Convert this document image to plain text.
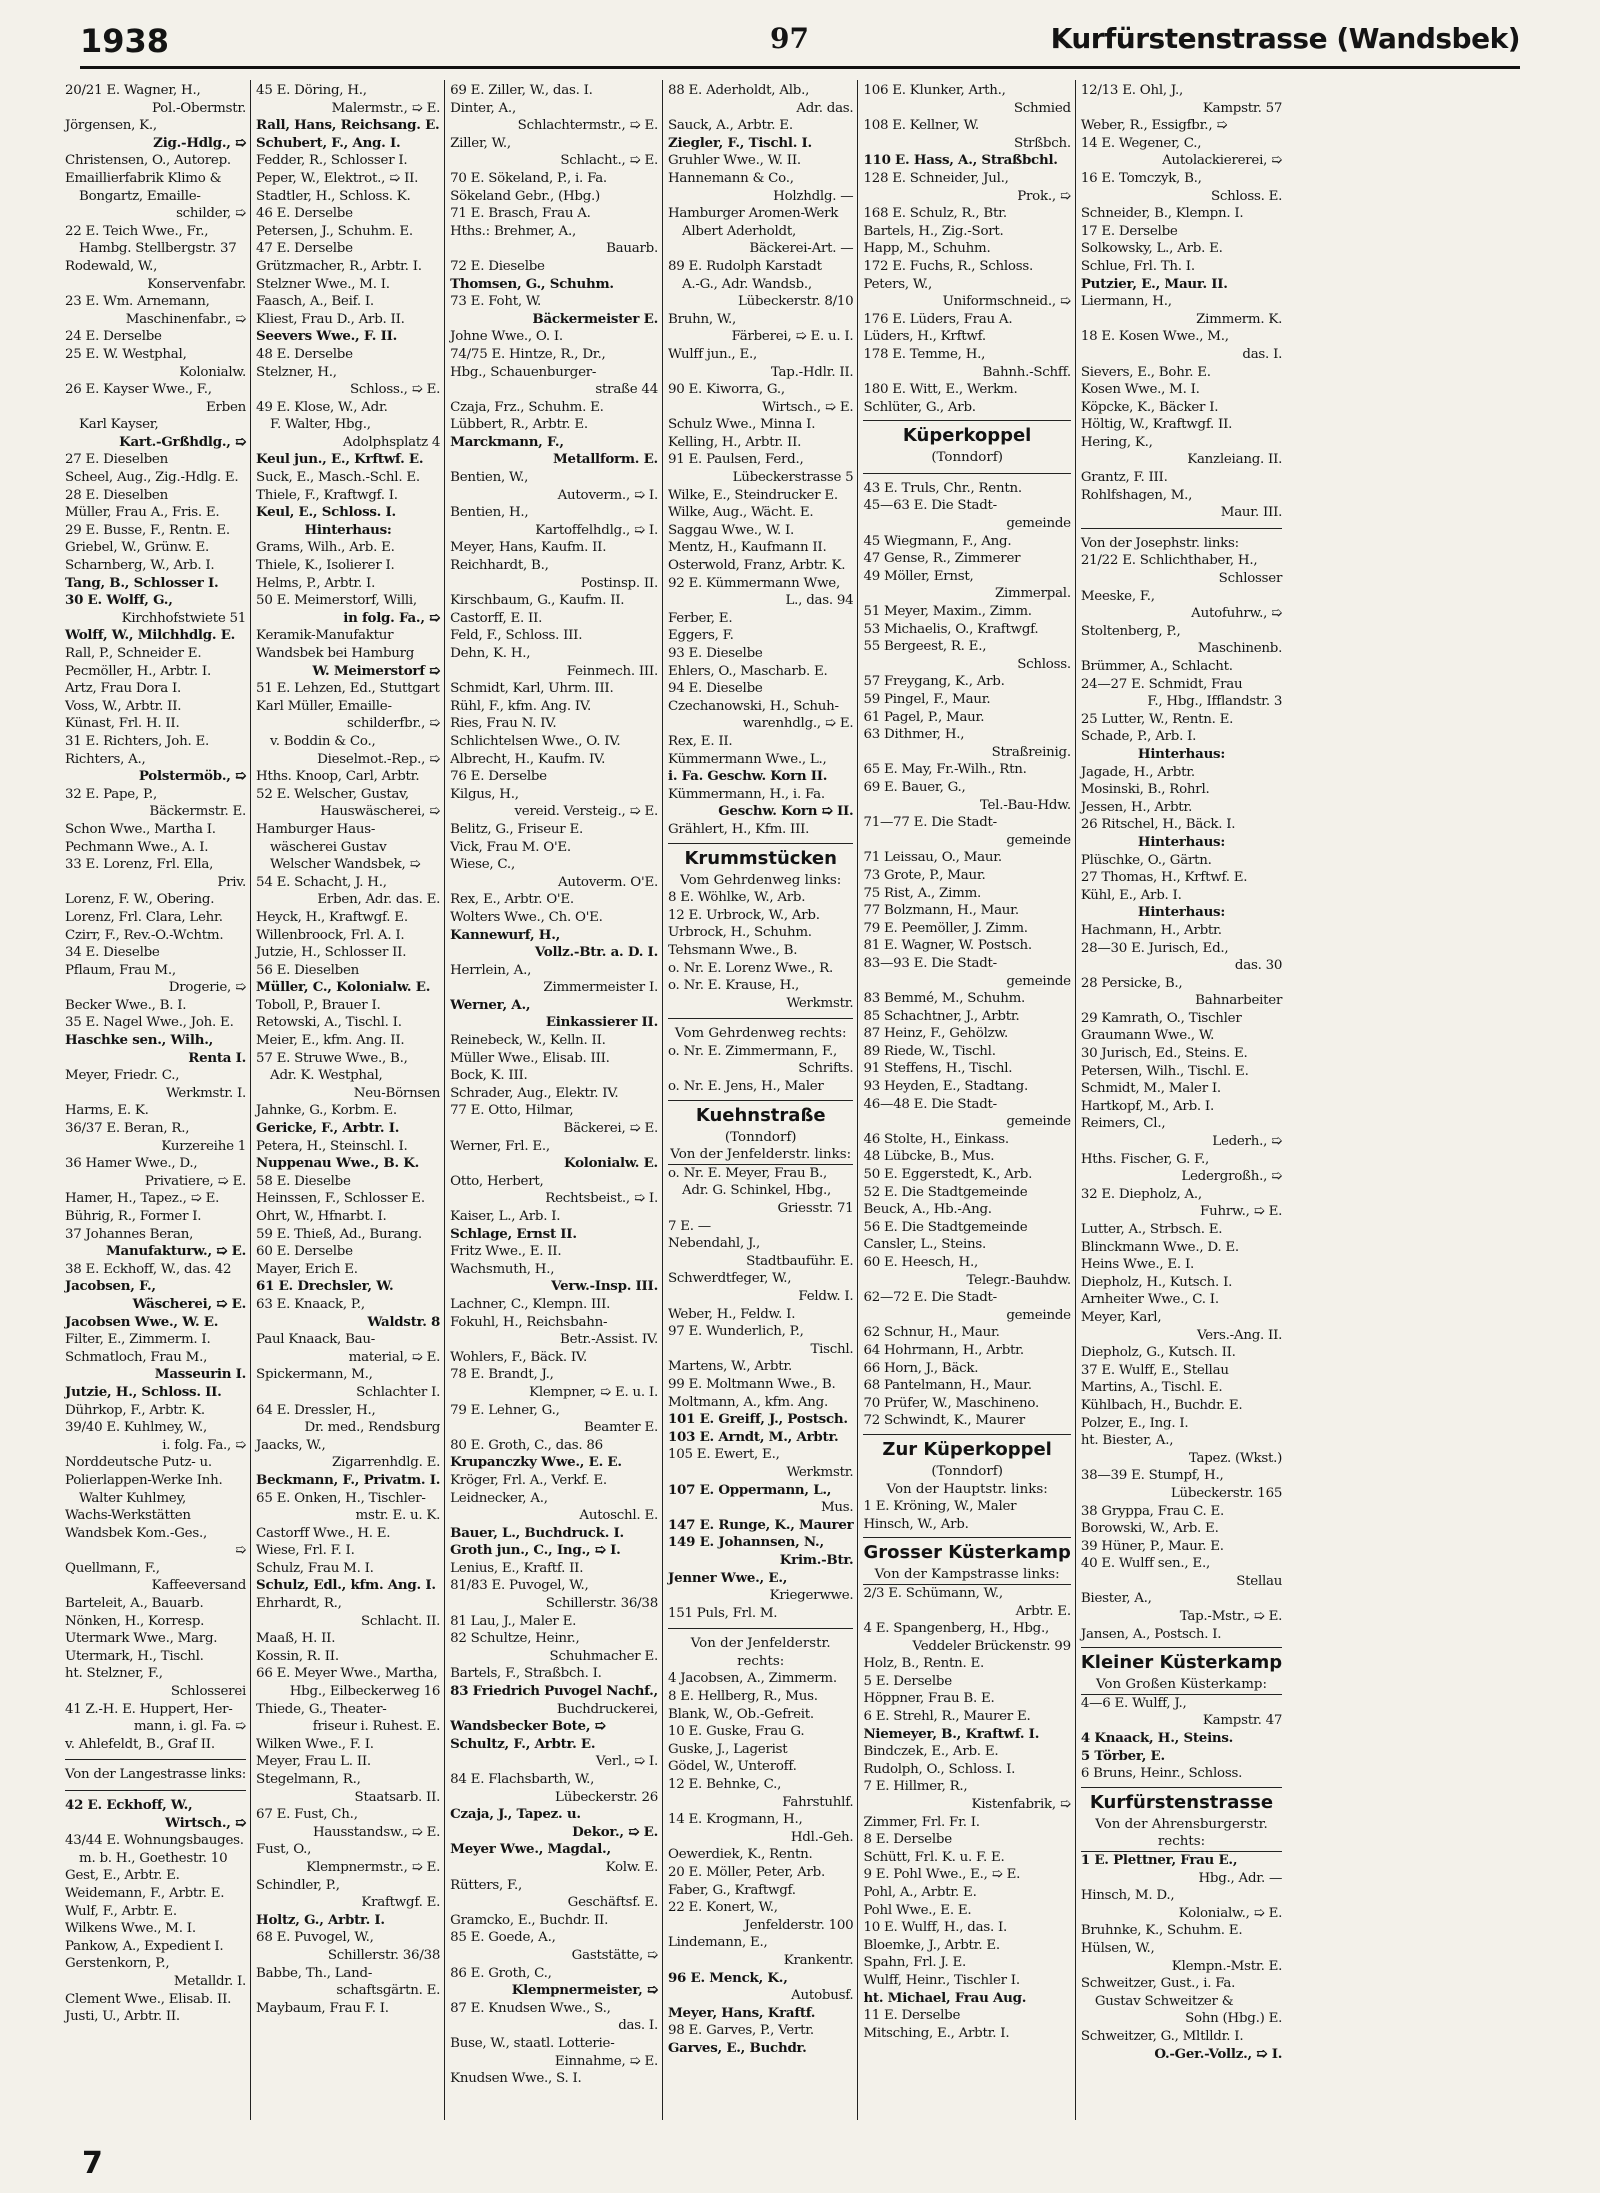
1938	97	Kurfürstenstrasse (Wandsbek)
20/21 E. Wagner, H.,
Pol.-Obermstr.
Jörgensen, K.,
Zig.-Hdlg., ➯
Christensen, O., Autorep.
Emaillierfabrik Klimo &
Bongartz, Emaille-
schilder, ➯
22 E. Teich Wwe., Fr.,
Hambg. Stellbergstr. 37
Rodewald, W.,
Konservenfabr.
23 E. Wm. Arnemann,
Maschinenfabr., ➯
24 E. Derselbe
25 E. W. Westphal,
Kolonialw.
26 E. Kayser Wwe., F.,
Erben
Karl Kayser,
Kart.-Grßhdlg., ➯
27 E. Dieselben
Scheel, Aug., Zig.-Hdlg. E.
28 E. Dieselben
Müller, Frau A., Fris. E.
29 E. Busse, F., Rentn. E.
Griebel, W., Grünw. E.
Scharnberg, W., Arb. I.
Tang, B., Schlosser I.
30 E. Wolff, G.,
Kirchhofstwiete 51
Wolff, W., Milchhdlg. E.
Rall, P., Schneider E.
Pecmöller, H., Arbtr. I.
Artz, Frau Dora I.
Voss, W., Arbtr. II.
Künast, Frl. H. II.
31 E. Richters, Joh. E.
Richters, A.,
Polstermöb., ➯
32 E. Pape, P.,
Bäckermstr. E.
Schon Wwe., Martha I.
Pechmann Wwe., A. I.
33 E. Lorenz, Frl. Ella,
Priv.
Lorenz, F. W., Obering.
Lorenz, Frl. Clara, Lehr.
Czirr, F., Rev.-O.-Wchtm.
34 E. Dieselbe
Pflaum, Frau M.,
Drogerie, ➯
Becker Wwe., B. I.
35 E. Nagel Wwe., Joh. E.
Haschke sen., Wilh.,
Renta I.
Meyer, Friedr. C.,
Werkmstr. I.
Harms, E. K.
36/37 E. Beran, R.,
Kurzereihe 1
36 Hamer Wwe., D.,
Privatiere, ➯ E.
Hamer, H., Tapez., ➯ E.
Bührig, R., Former I.
37 Johannes Beran,
Manufakturw., ➯ E.
38 E. Eckhoff, W., das. 42
Jacobsen, F.,
Wäscherei, ➯ E.
Jacobsen Wwe., W. E.
Filter, E., Zimmerm. I.
Schmatloch, Frau M.,
Masseurin I.
Jutzie, H., Schloss. II.
Dührkop, F., Arbtr. K.
39/40 E. Kuhlmey, W.,
i. folg. Fa., ➯
Norddeutsche Putz- u.
Polierlappen-Werke Inh.
Walter Kuhlmey,
Wachs-Werkstätten
Wandsbek Kom.-Ges.,
➯
Quellmann, F.,
Kaffeeversand
Barteleit, A., Bauarb.
Nönken, H., Korresp.
Utermark Wwe., Marg.
Utermark, H., Tischl.
ht. Stelzner, F.,
Schlosserei
41 Z.-H. E. Huppert, Her-
mann, i. gl. Fa. ➯
v. Ahlefeldt, B., Graf II.
Von der Langestrasse links:
42 E. Eckhoff, W.,
Wirtsch., ➯
43/44 E. Wohnungsbauges.
m. b. H., Goethestr. 10
Gest, E., Arbtr. E.
Weidemann, F., Arbtr. E.
Wulf, F., Arbtr. E.
Wilkens Wwe., M. I.
Pankow, A., Expedient I.
Gerstenkorn, P.,
Metalldr. I.
Clement Wwe., Elisab. II.
Justi, U., Arbtr. II.
45 E. Döring, H.,
Malermstr., ➯ E.
Rall, Hans, Reichsang. E.
Schubert, F., Ang. I.
Fedder, R., Schlosser I.
Peper, W., Elektrot., ➯ II.
Stadtler, H., Schloss. K.
46 E. Derselbe
Petersen, J., Schuhm. E.
47 E. Derselbe
Grützmacher, R., Arbtr. I.
Stelzner Wwe., M. I.
Faasch, A., Beif. I.
Kliest, Frau D., Arb. II.
Seevers Wwe., F. II.
48 E. Derselbe
Stelzner, H.,
Schloss., ➯ E.
49 E. Klose, W., Adr.
F. Walter, Hbg.,
Adolphsplatz 4
Keul jun., E., Krftwf. E.
Suck, E., Masch.-Schl. E.
Thiele, F., Kraftwgf. I.
Keul, E., Schloss. I.
Hinterhaus:
Grams, Wilh., Arb. E.
Thiele, K., Isolierer I.
Helms, P., Arbtr. I.
50 E. Meimerstorf, Willi,
in folg. Fa., ➯
Keramik-Manufaktur
Wandsbek bei Hamburg
W. Meimerstorf ➯
51 E. Lehzen, Ed., Stuttgart
Karl Müller, Emaille-
schilderfbr., ➯
v. Boddin & Co.,
Dieselmot.-Rep., ➯
Hths. Knoop, Carl, Arbtr.
52 E. Welscher, Gustav,
Hauswäscherei, ➯
Hamburger Haus-
wäscherei Gustav
Welscher Wandsbek, ➯
54 E. Schacht, J. H.,
Erben, Adr. das. E.
Heyck, H., Kraftwgf. E.
Willenbroock, Frl. A. I.
Jutzie, H., Schlosser II.
56 E. Dieselben
Müller, C., Kolonialw. E.
Toboll, P., Brauer I.
Retowski, A., Tischl. I.
Meier, E., kfm. Ang. II.
57 E. Struwe Wwe., B.,
Adr. K. Westphal,
Neu-Börnsen
Jahnke, G., Korbm. E.
Gericke, F., Arbtr. I.
Petera, H., Steinschl. I.
Nuppenau Wwe., B. K.
58 E. Dieselbe
Heinssen, F., Schlosser E.
Ohrt, W., Hfnarbt. I.
59 E. Thieß, Ad., Burang.
60 E. Derselbe
Mayer, Erich E.
61 E. Drechsler, W.
63 E. Knaack, P.,
Waldstr. 8
Paul Knaack, Bau-
material, ➯ E.
Spickermann, M.,
Schlachter I.
64 E. Dressler, H.,
Dr. med., Rendsburg
Jaacks, W.,
Zigarrenhdlg. E.
Beckmann, F., Privatm. I.
65 E. Onken, H., Tischler-
mstr. E. u. K.
Castorff Wwe., H. E.
Wiese, Frl. F. I.
Schulz, Frau M. I.
Schulz, Edl., kfm. Ang. I.
Ehrhardt, R.,
Schlacht. II.
Maaß, H. II.
Kossin, R. II.
66 E. Meyer Wwe., Martha,
Hbg., Eilbeckerweg 16
Thiede, G., Theater-
friseur i. Ruhest. E.
Wilken Wwe., F. I.
Meyer, Frau L. II.
Stegelmann, R.,
Staatsarb. II.
67 E. Fust, Ch.,
Hausstandsw., ➯ E.
Fust, O.,
Klempnermstr., ➯ E.
Schindler, P.,
Kraftwgf. E.
Holtz, G., Arbtr. I.
68 E. Puvogel, W.,
Schillerstr. 36/38
Babbe, Th., Land-
schaftsgärtn. E.
Maybaum, Frau F. I.
69 E. Ziller, W., das. I.
Dinter, A.,
Schlachtermstr., ➯ E.
Ziller, W.,
Schlacht., ➯ E.
70 E. Sökeland, P., i. Fa.
Sökeland Gebr., (Hbg.)
71 E. Brasch, Frau A.
Hths.: Brehmer, A.,
Bauarb.
72 E. Dieselbe
Thomsen, G., Schuhm.
73 E. Foht, W.
Bäckermeister E.
Johne Wwe., O. I.
74/75 E. Hintze, R., Dr.,
Hbg., Schauenburger-
straße 44
Czaja, Frz., Schuhm. E.
Lübbert, R., Arbtr. E.
Marckmann, F.,
Metallform. E.
Bentien, W.,
Autoverm., ➯ I.
Bentien, H.,
Kartoffelhdlg., ➯ I.
Meyer, Hans, Kaufm. II.
Reichhardt, B.,
Postinsp. II.
Kirschbaum, G., Kaufm. II.
Castorff, E. II.
Feld, F., Schloss. III.
Dehn, K. H.,
Feinmech. III.
Schmidt, Karl, Uhrm. III.
Rühl, F., kfm. Ang. IV.
Ries, Frau N. IV.
Schlichtelsen Wwe., O. IV.
Albrecht, H., Kaufm. IV.
76 E. Derselbe
Kilgus, H.,
vereid. Versteig., ➯ E.
Belitz, G., Friseur E.
Vick, Frau M. O'E.
Wiese, C.,
Autoverm. O'E.
Rex, E., Arbtr. O'E.
Wolters Wwe., Ch. O'E.
Kannewurf, H.,
Vollz.-Btr. a. D. I.
Herrlein, A.,
Zimmermeister I.
Werner, A.,
Einkassierer II.
Reinebeck, W., Kelln. II.
Müller Wwe., Elisab. III.
Bock, K. III.
Schrader, Aug., Elektr. IV.
77 E. Otto, Hilmar,
Bäckerei, ➯ E.
Werner, Frl. E.,
Kolonialw. E.
Otto, Herbert,
Rechtsbeist., ➯ I.
Kaiser, L., Arb. I.
Schlage, Ernst II.
Fritz Wwe., E. II.
Wachsmuth, H.,
Verw.-Insp. III.
Lachner, C., Klempn. III.
Fokuhl, H., Reichsbahn-
Betr.-Assist. IV.
Wohlers, F., Bäck. IV.
78 E. Brandt, J.,
Klempner, ➯ E. u. I.
79 E. Lehner, G.,
Beamter E.
80 E. Groth, C., das. 86
Krupanczky Wwe., E. E.
Kröger, Frl. A., Verkf. E.
Leidnecker, A.,
Autoschl. E.
Bauer, L., Buchdruck. I.
Groth jun., C., Ing., ➯ I.
Lenius, E., Kraftf. II.
81/83 E. Puvogel, W.,
Schillerstr. 36/38
81 Lau, J., Maler E.
82 Schultze, Heinr.,
Schuhmacher E.
Bartels, F., Straßbch. I.
83 Friedrich Puvogel Nachf.,
Buchdruckerei,
Wandsbecker Bote, ➯
Schultz, F., Arbtr. E.
Verl., ➯ I.
84 E. Flachsbarth, W.,
Lübeckerstr. 26
Czaja, J., Tapez. u.
Dekor., ➯ E.
Meyer Wwe., Magdal.,
Kolw. E.
Rütters, F.,
Geschäftsf. E.
Gramcko, E., Buchdr. II.
85 E. Goede, A.,
Gaststätte, ➯
86 E. Groth, C.,
Klempnermeister, ➯
87 E. Knudsen Wwe., S.,
das. I.
Buse, W., staatl. Lotterie-
Einnahme, ➯ E.
Knudsen Wwe., S. I.
88 E. Aderholdt, Alb.,
Adr. das.
Sauck, A., Arbtr. E.
Ziegler, F., Tischl. I.
Gruhler Wwe., W. II.
Hannemann & Co.,
Holzhdlg. —
Hamburger Aromen-Werk
Albert Aderholdt,
Bäckerei-Art. —
89 E. Rudolph Karstadt
A.-G., Adr. Wandsb.,
Lübeckerstr. 8/10
Bruhn, W.,
Färberei, ➯ E. u. I.
Wulff jun., E.,
Tap.-Hdlr. II.
90 E. Kiworra, G.,
Wirtsch., ➯ E.
Schulz Wwe., Minna I.
Kelling, H., Arbtr. II.
91 E. Paulsen, Ferd.,
Lübeckerstrasse 5
Wilke, E., Steindrucker E.
Wilke, Aug., Wächt. E.
Saggau Wwe., W. I.
Mentz, H., Kaufmann II.
Osterwold, Franz, Arbtr. K.
92 E. Kümmermann Wwe,
L., das. 94
Ferber, E.
Eggers, F.
93 E. Dieselbe
Ehlers, O., Mascharb. E.
94 E. Dieselbe
Czechanowski, H., Schuh-
warenhdlg., ➯ E.
Rex, E. II.
Kümmermann Wwe., L.,
i. Fa. Geschw. Korn II.
Kümmermann, H., i. Fa.
Geschw. Korn ➯ II.
Grählert, H., Kfm. III.
Krummstücken
Vom Gehrdenweg links:
8 E. Wöhlke, W., Arb.
12 E. Urbrock, W., Arb.
Urbrock, H., Schuhm.
Tehsmann Wwe., B.
o. Nr. E. Lorenz Wwe., R.
o. Nr. E. Krause, H.,
Werkmstr.
Vom Gehrdenweg rechts:
o. Nr. E. Zimmermann, F.,
Schrifts.
o. Nr. E. Jens, H., Maler
Kuehnstraße
(Tonndorf)
Von der Jenfelderstr. links:
o. Nr. E. Meyer, Frau B.,
Adr. G. Schinkel, Hbg.,
Griesstr. 71
7 E. —
Nebendahl, J.,
Stadtbauführ. E.
Schwerdtfeger, W.,
Feldw. I.
Weber, H., Feldw. I.
97 E. Wunderlich, P.,
Tischl.
Martens, W., Arbtr.
99 E. Moltmann Wwe., B.
Moltmann, A., kfm. Ang.
101 E. Greiff, J., Postsch.
103 E. Arndt, M., Arbtr.
105 E. Ewert, E.,
Werkmstr.
107 E. Oppermann, L.,
Mus.
147 E. Runge, K., Maurer
149 E. Johannsen, N.,
Krim.-Btr.
Jenner Wwe., E.,
Kriegerwwe.
151 Puls, Frl. M.
Von der Jenfelderstr.
rechts:
4 Jacobsen, A., Zimmerm.
8 E. Hellberg, R., Mus.
Blank, W., Ob.-Gefreit.
10 E. Guske, Frau G.
Guske, J., Lagerist
Gödel, W., Unteroff.
12 E. Behnke, C.,
Fahrstuhlf.
14 E. Krogmann, H.,
Hdl.-Geh.
Oewerdiek, K., Rentn.
20 E. Möller, Peter, Arb.
Faber, G., Kraftwgf.
22 E. Konert, W.,
Jenfelderstr. 100
Lindemann, E.,
Krankentr.
96 E. Menck, K.,
Autobusf.
Meyer, Hans, Kraftf.
98 E. Garves, P., Vertr.
Garves, E., Buchdr.
106 E. Klunker, Arth.,
Schmied
108 E. Kellner, W.
Strßbch.
110 E. Hass, A., Straßbchl.
128 E. Schneider, Jul.,
Prok., ➯
168 E. Schulz, R., Btr.
Bartels, H., Zig.-Sort.
Happ, M., Schuhm.
172 E. Fuchs, R., Schloss.
Peters, W.,
Uniformschneid., ➯
176 E. Lüders, Frau A.
Lüders, H., Krftwf.
178 E. Temme, H.,
Bahnh.-Schff.
180 E. Witt, E., Werkm.
Schlüter, G., Arb.
Küperkoppel
(Tonndorf)
43 E. Truls, Chr., Rentn.
45—63 E. Die Stadt-
gemeinde
45 Wiegmann, F., Ang.
47 Gense, R., Zimmerer
49 Möller, Ernst,
Zimmerpal.
51 Meyer, Maxim., Zimm.
53 Michaelis, O., Kraftwgf.
55 Bergeest, R. E.,
Schloss.
57 Freygang, K., Arb.
59 Pingel, F., Maur.
61 Pagel, P., Maur.
63 Dithmer, H.,
Straßreinig.
65 E. May, Fr.-Wilh., Rtn.
69 E. Bauer, G.,
Tel.-Bau-Hdw.
71—77 E. Die Stadt-
gemeinde
71 Leissau, O., Maur.
73 Grote, P., Maur.
75 Rist, A., Zimm.
77 Bolzmann, H., Maur.
79 E. Peemöller, J. Zimm.
81 E. Wagner, W. Postsch.
83—93 E. Die Stadt-
gemeinde
83 Bemmé, M., Schuhm.
85 Schachtner, J., Arbtr.
87 Heinz, F., Gehölzw.
89 Riede, W., Tischl.
91 Steffens, H., Tischl.
93 Heyden, E., Stadtang.
46—48 E. Die Stadt-
gemeinde
46 Stolte, H., Einkass.
48 Lübcke, B., Mus.
50 E. Eggerstedt, K., Arb.
52 E. Die Stadtgemeinde
Beuck, A., Hb.-Ang.
56 E. Die Stadtgemeinde
Cansler, L., Steins.
60 E. Heesch, H.,
Telegr.-Bauhdw.
62—72 E. Die Stadt-
gemeinde
62 Schnur, H., Maur.
64 Hohrmann, H., Arbtr.
66 Horn, J., Bäck.
68 Pantelmann, H., Maur.
70 Prüfer, W., Maschineno.
72 Schwindt, K., Maurer
Zur Küperkoppel
(Tonndorf)
Von der Hauptstr. links:
1 E. Kröning, W., Maler
Hinsch, W., Arb.
Grosser Küsterkamp
Von der Kampstrasse links:
2/3 E. Schümann, W.,
Arbtr. E.
4 E. Spangenberg, H., Hbg.,
Veddeler Brückenstr. 99
Holz, B., Rentn. E.
5 E. Derselbe
Höppner, Frau B. E.
6 E. Strehl, R., Maurer E.
Niemeyer, B., Kraftwf. I.
Bindczek, E., Arb. E.
Rudolph, O., Schloss. I.
7 E. Hillmer, R.,
Kistenfabrik, ➯
Zimmer, Frl. Fr. I.
8 E. Derselbe
Schütt, Frl. K. u. F. E.
9 E. Pohl Wwe., E., ➯ E.
Pohl, A., Arbtr. E.
Pohl Wwe., E. E.
10 E. Wulff, H., das. I.
Bloemke, J., Arbtr. E.
Spahn, Frl. J. E.
Wulff, Heinr., Tischler I.
ht. Michael, Frau Aug.
11 E. Derselbe
Mitsching, E., Arbtr. I.
12/13 E. Ohl, J.,
Kampstr. 57
Weber, R., Essigfbr., ➯
14 E. Wegener, C.,
Autolackiererei, ➯
16 E. Tomczyk, B.,
Schloss. E.
Schneider, B., Klempn. I.
17 E. Derselbe
Solkowsky, L., Arb. E.
Schlue, Frl. Th. I.
Putzier, E., Maur. II.
Liermann, H.,
Zimmerm. K.
18 E. Kosen Wwe., M.,
das. I.
Sievers, E., Bohr. E.
Kosen Wwe., M. I.
Köpcke, K., Bäcker I.
Höltig, W., Kraftwgf. II.
Hering, K.,
Kanzleiang. II.
Grantz, F. III.
Rohlfshagen, M.,
Maur. III.
Von der Josephstr. links:
21/22 E. Schlichthaber, H.,
Schlosser
Meeske, F.,
Autofuhrw., ➯
Stoltenberg, P.,
Maschinenb.
Brümmer, A., Schlacht.
24—27 E. Schmidt, Frau
F., Hbg., Ifflandstr. 3
25 Lutter, W., Rentn. E.
Schade, P., Arb. I.
Hinterhaus:
Jagade, H., Arbtr.
Mosinski, B., Rohrl.
Jessen, H., Arbtr.
26 Ritschel, H., Bäck. I.
Hinterhaus:
Plüschke, O., Gärtn.
27 Thomas, H., Krftwf. E.
Kühl, E., Arb. I.
Hinterhaus:
Hachmann, H., Arbtr.
28—30 E. Jurisch, Ed.,
das. 30
28 Persicke, B.,
Bahnarbeiter
29 Kamrath, O., Tischler
Graumann Wwe., W.
30 Jurisch, Ed., Steins. E.
Petersen, Wilh., Tischl. E.
Schmidt, M., Maler I.
Hartkopf, M., Arb. I.
Reimers, Cl.,
Lederh., ➯
Hths. Fischer, G. F.,
Ledergroßh., ➯
32 E. Diepholz, A.,
Fuhrw., ➯ E.
Lutter, A., Strbsch. E.
Blinckmann Wwe., D. E.
Heins Wwe., E. I.
Diepholz, H., Kutsch. I.
Arnheiter Wwe., C. I.
Meyer, Karl,
Vers.-Ang. II.
Diepholz, G., Kutsch. II.
37 E. Wulff, E., Stellau
Martins, A., Tischl. E.
Kühlbach, H., Buchdr. E.
Polzer, E., Ing. I.
ht. Biester, A.,
Tapez. (Wkst.)
38—39 E. Stumpf, H.,
Lübeckerstr. 165
38 Gryppa, Frau C. E.
Borowski, W., Arb. E.
39 Hüner, P., Maur. E.
40 E. Wulff sen., E.,
Stellau
Biester, A.,
Tap.-Mstr., ➯ E.
Jansen, A., Postsch. I.
Kleiner Küsterkamp
Von Großen Küsterkamp:
4—6 E. Wulff, J.,
Kampstr. 47
4 Knaack, H., Steins.
5 Törber, E.
6 Bruns, Heinr., Schloss.
Kurfürstenstrasse
Von der Ahrensburgerstr.
rechts:
1 E. Plettner, Frau E.,
Hbg., Adr. —
Hinsch, M. D.,
Kolonialw., ➯ E.
Bruhnke, K., Schuhm. E.
Hülsen, W.,
Klempn.-Mstr. E.
Schweitzer, Gust., i. Fa.
Gustav Schweitzer &
Sohn (Hbg.) E.
Schweitzer, G., Mltlldr. I.
O.-Ger.-Vollz., ➯ I.
7
